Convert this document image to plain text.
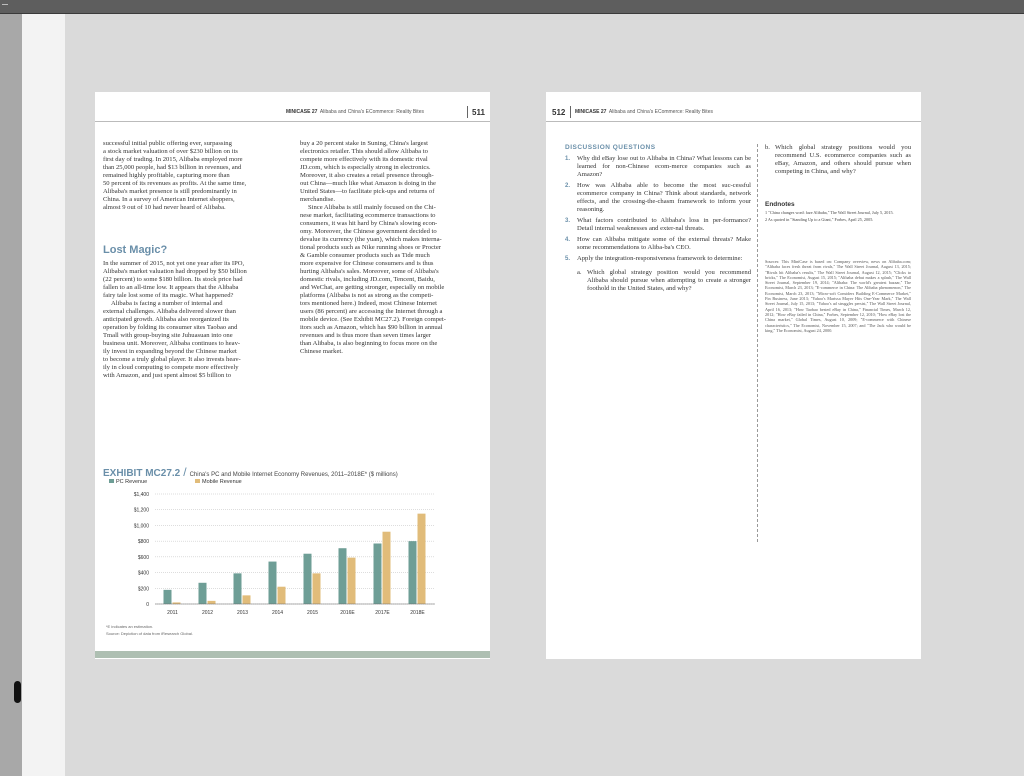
MINICASE 27 Alibaba and China's ECommerce: Reality Bites	511

successful initial public offering ever, surpassing

a stock market valuation of over $230 billion on its

first day of trading. In 2015, Alibaba employed more

than 25,000 people, had $13 billion in revenues, and

remained highly profitable, capturing more than

50 percent of its revenues as profits. At the same time,

Alibaba's market presence is still predominantly in

China. In a survey of American Internet shoppers,

almost 9 out of 10 had never heard of Alibaba.

Lost Magic?

In the summer of 2015, not yet one year after its IPO,

Alibaba's market valuation had dropped by $50 billion

(22 percent) to some $180 billion. Its stock price had

fallen to an all-time low. It appears that the Alibaba

fairy tale lost some of its magic. What happened?

Alibaba is facing a number of internal and

external challenges. Alibaba delivered slower than

anticipated growth. Alibaba also reorganized its

operation by folding its consumer sites Taobao and

Tmall with group-buying site Juhuasuan into one

business unit. Moreover, Alibaba continues to heav-

ily invest in expanding beyond the Chinese market

to become a truly global player. It also invests heav-

ily in cloud computing to compete more effectively

with Amazon, and just spent almost $5 billion to

buy a 20 percent stake in Suning, China's largest

electronics retailer. This should allow Alibaba to

compete more effectively with its domestic rival

JD.com, which is especially strong in electronics.

Moreover, it also creates a retail presence through-

out China—much like what Amazon is doing in the

United States—to facilitate pick-ups and returns of

merchandise.

Since Alibaba is still mainly focused on the Chi-

nese market, facilitating ecommerce transactions to

consumers, it was hit hard by China's slowing econ-

omy. Moreover, the Chinese government decided to

devalue its currency (the yuan), which makes interna-

tional products such as Nike running shoes or Procter

& Gamble consumer products such as Tide much

more expensive for Chinese consumers and is thus

hurting Alibaba's sales. Moreover, some of Alibaba's

domestic rivals, including JD.com, Tencent, Baidu,

and WeChat, are getting stronger, especially on mobile

platforms (Alibaba is not as strong as the competi-

tors mentioned here.) Indeed, most Chinese Internet

users (86 percent) are accessing the Internet through a

mobile device. (See Exhibit MC27.2). Foreign compet-

itors such as Amazon, which has $90 billion in annual

revenues and is thus more than seven times larger

than Alibaba, is also beginning to focus more on the

Chinese market.

EXHIBIT MC27.2 / China's PC and Mobile Internet Economy Revenues, 2011–2018E* ($ millions)
PC Revenue	Mobile Revenue
$1,400
$1,200
$1,000
$800
$600
$400
$200
0
2011	2012	2013	2014	2015	2016E	2017E	2018E
*E indicates an estimation.
Source: Depiction of data from iResearch Global.
512 MINICASE 27 Alibaba and China's ECommerce: Reality Bites
DISCUSSION QUESTIONS
1. Why did eBay lose out to Alibaba in China? What lessons can be learned for non-Chinese ecom-merce companies such as Amazon?
2. How was Alibaba able to become the most suc-cessful ecommerce company in China? Think about standards, network effects, and the crossing-the-chasm framework to inform your reasoning.
3. What factors contributed to Alibaba's loss in per-formance? Detail internal weaknesses and exter-nal threats.
4. How can Alibaba mitigate some of the external threats? Make some recommendations to Aliba-ba's CEO.
5. Apply the integration-responsiveness framework to determine:
a. Which global strategy position would you recommend Alibaba should pursue when attempting to create a stronger foothold in the United States, and why?
b. Which global strategy positions would you recommend U.S. ecommerce companies such as eBay, Amazon, and others should pursue when competing in China, and why?
Endnotes

1 "China changes won't faze Alibaba," The Wall Street Journal, July 5, 2015.

2 As quoted in "Standing Up to a Giant," Forbes, April 25, 2005.

Sources: This MiniCase is based on: Company overview, news on Alibaba.com; "Alibaba faces fresh threat from rivals," The Wall Street Journal, August 13, 2015; "Rivals hit Alibaba's results," The Wall Street Journal, August 12, 2015; "Clicks to bricks," The Economist, August 15, 2015; "Alibaba debut makes a splash," The Wall Street Journal, September 19, 2014; "Alibaba: The world's greatest bazaar," The Economist, March 23, 2013; "E-commerce in China: The Alibaba phenomenon," The Economist, March 23, 2013; "Micro-soft Considers Building E-Commerce Market," Fin Business, June 2013; "Yahoo's Marissa Mayer Hits One-Year Mark," The Wall Street Journal, July 15, 2013; "Yahoo's ad struggles persist," The Wall Street Journal, April 16, 2013; "How Taobao bested eBay in China," Financial Times, March 12, 2012; "How eBay failed in China," Forbes, September 12, 2010; "How eBay lost the China market," Global Times, August 10, 2009; "E-commerce with Chinese characteristics," The Economist, November 15, 2007; and "The Jack who would be king," The Economist, August 24, 2000.
